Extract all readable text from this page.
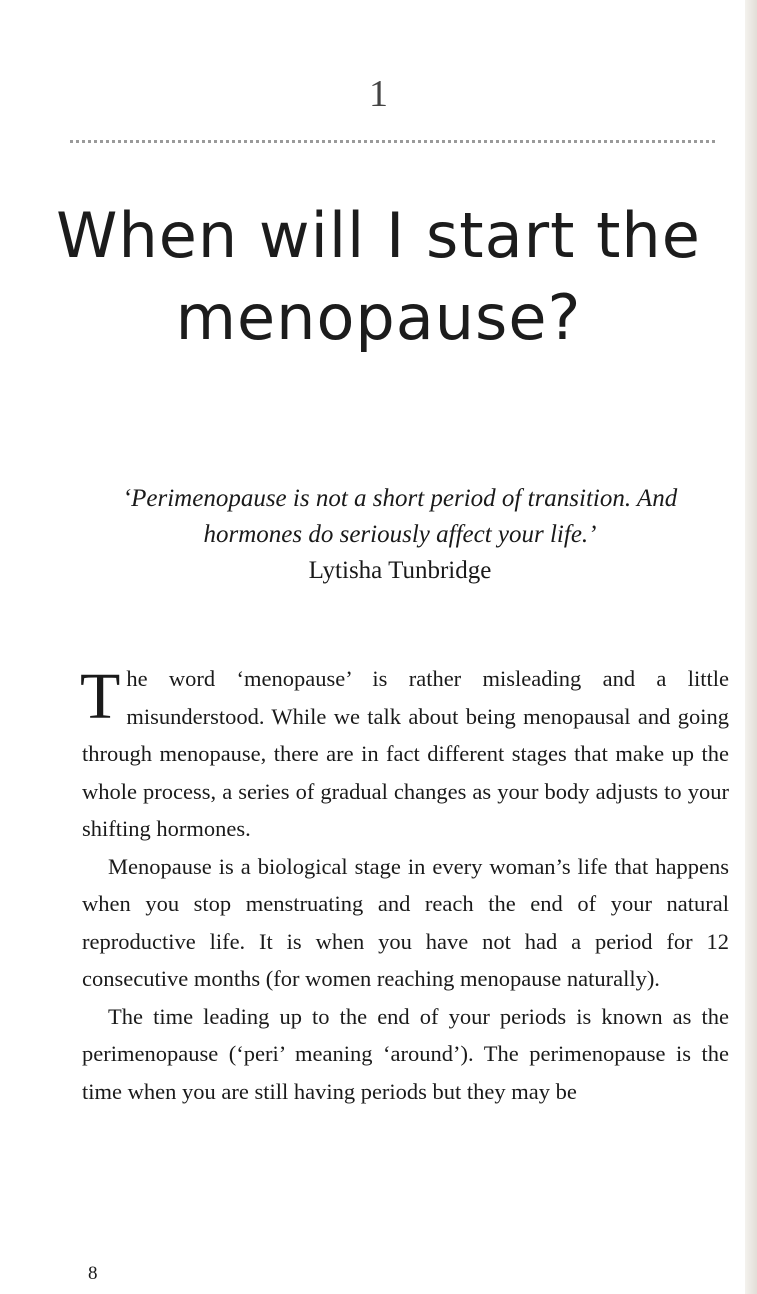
1
When will I start the
menopause?
‘Perimenopause is not a short period of transition. And hormones do seriously affect your life.’
Lytisha Tunbridge

The word ‘menopause’ is rather misleading and a little misunderstood. While we talk about being menopausal and going through menopause, there are in fact different stages that make up the whole process, a series of gradual changes as your body adjusts to your shifting hormones.

Menopause is a biological stage in every woman’s life that happens when you stop menstruating and reach the end of your natural reproductive life. It is when you have not had a period for 12 consecutive months (for women reaching menopause naturally).

The time leading up to the end of your periods is known as the perimenopause (‘peri’ meaning ‘around’). The perimenopause is the time when you are still having periods but they may be

8
